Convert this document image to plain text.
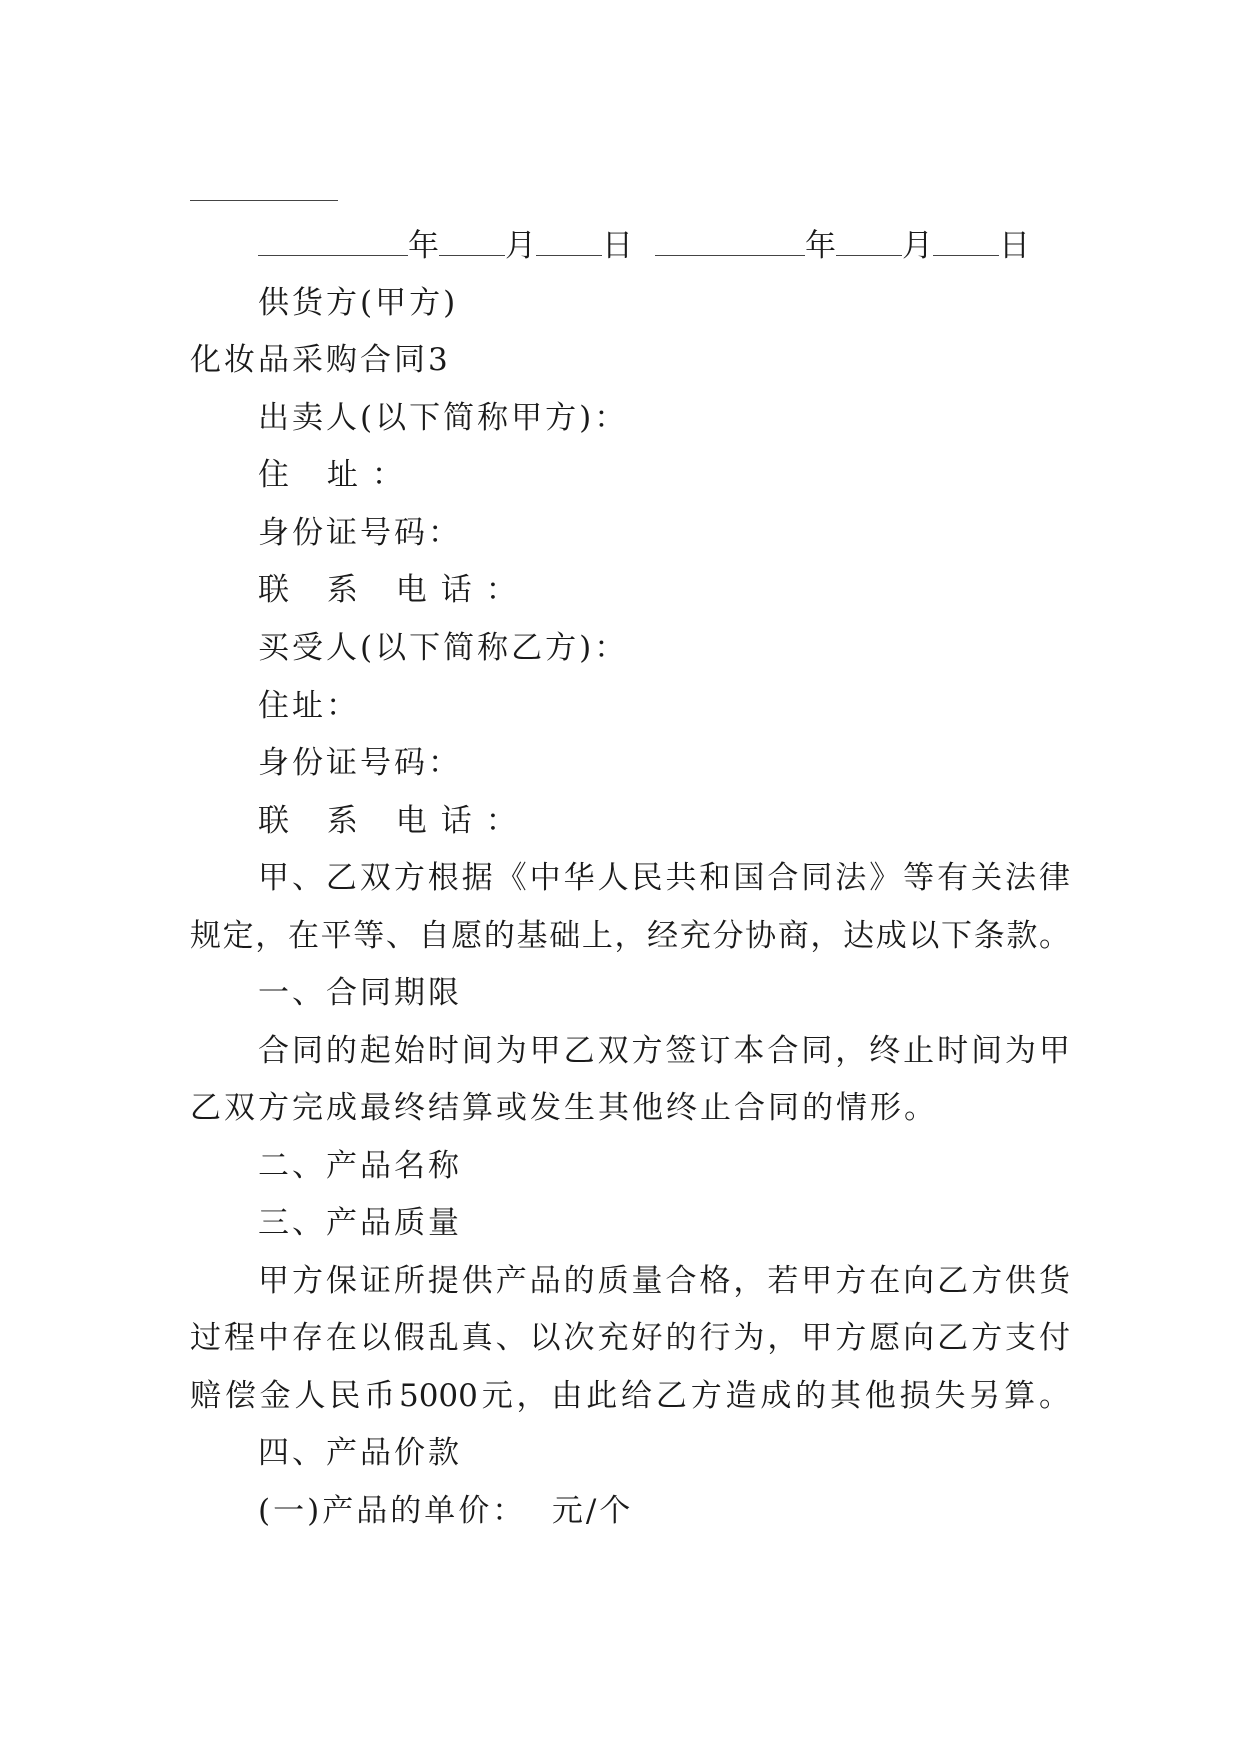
年 月 日	年 月 日
供货方(甲方)
化妆品采购合同3
出卖人(以下简称甲方)：
住 址：
身份证号码：
联 系 电话：
买受人(以下简称乙方)：
住址：
身份证号码：
联 系 电话：
甲、乙双方根据《中华人民共和国合同法》等有关法律
规定，在平等、自愿的基础上，经充分协商，达成以下条款。
一、合同期限
合同的起始时间为甲乙双方签订本合同，终止时间为甲
乙双方完成最终结算或发生其他终止合同的情形。
二、产品名称
三、产品质量
甲方保证所提供产品的质量合格，若甲方在向乙方供货
过程中存在以假乱真、以次充好的行为，甲方愿向乙方支付
赔偿金人民币5000元，由此给乙方造成的其他损失另算。
四、产品价款
(一)产品的单价：  元/个
